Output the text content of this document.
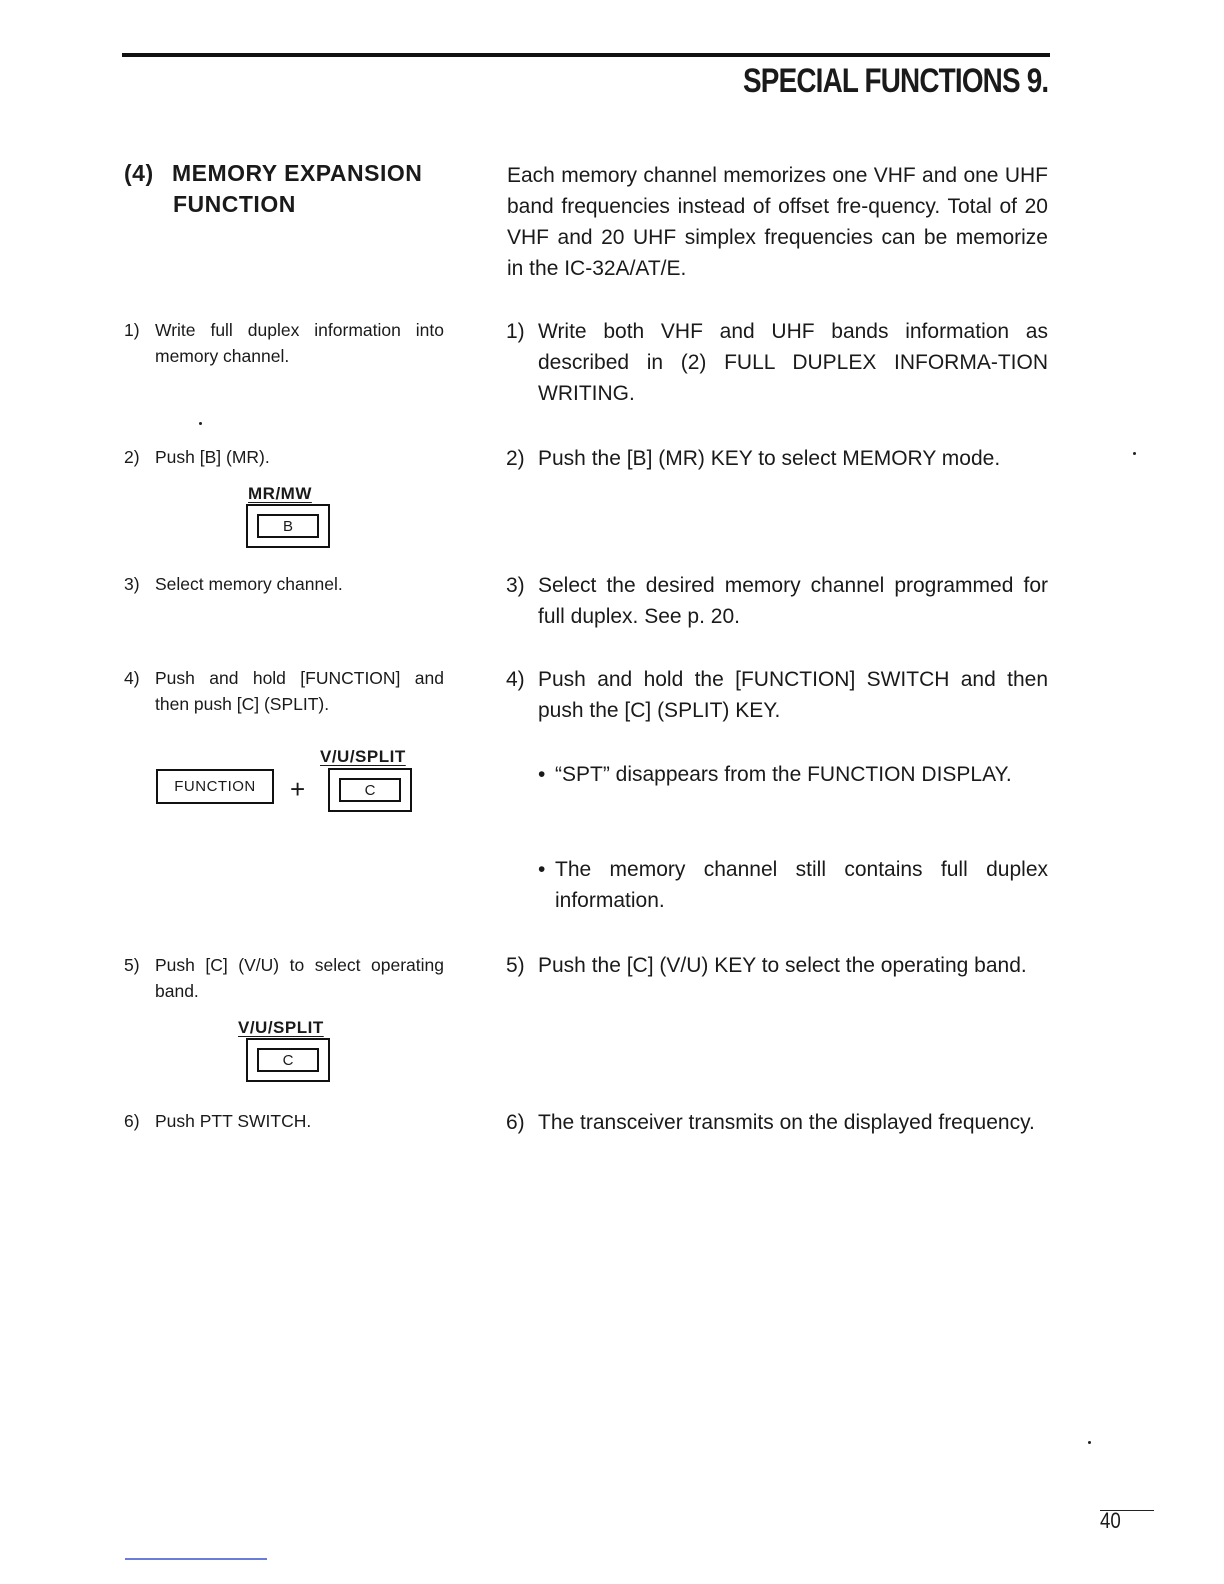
SPECIAL FUNCTIONS 9.
(4) MEMORY EXPANSION
FUNCTION
Each memory channel memorizes one VHF and one UHF band frequencies instead of offset fre-quency. Total of 20 VHF and 20 UHF simplex frequencies can be memorize in the IC-32A/AT/E.
1) Write full duplex information into memory channel.
2) Push [B] (MR).
3) Select memory channel.
4) Push and hold [FUNCTION] and then push [C] (SPLIT).
5) Push [C] (V/U) to select operating band.
6) Push PTT SWITCH.
MR/MW
B
FUNCTION	+
V/U/SPLIT
C
V/U/SPLIT
C
1) Write both VHF and UHF bands information as described in (2) FULL DUPLEX INFORMA-TION WRITING.
2) Push the [B] (MR) KEY to select MEMORY mode.
3) Select the desired memory channel programmed for full duplex. See p. 20.
4) Push and hold the [FUNCTION] SWITCH and then push the [C] (SPLIT) KEY.
• “SPT” disappears from the FUNCTION DISPLAY.
• The memory channel still contains full duplex information.
5) Push the [C] (V/U) KEY to select the operating band.
6) The transceiver transmits on the displayed frequency.
40
